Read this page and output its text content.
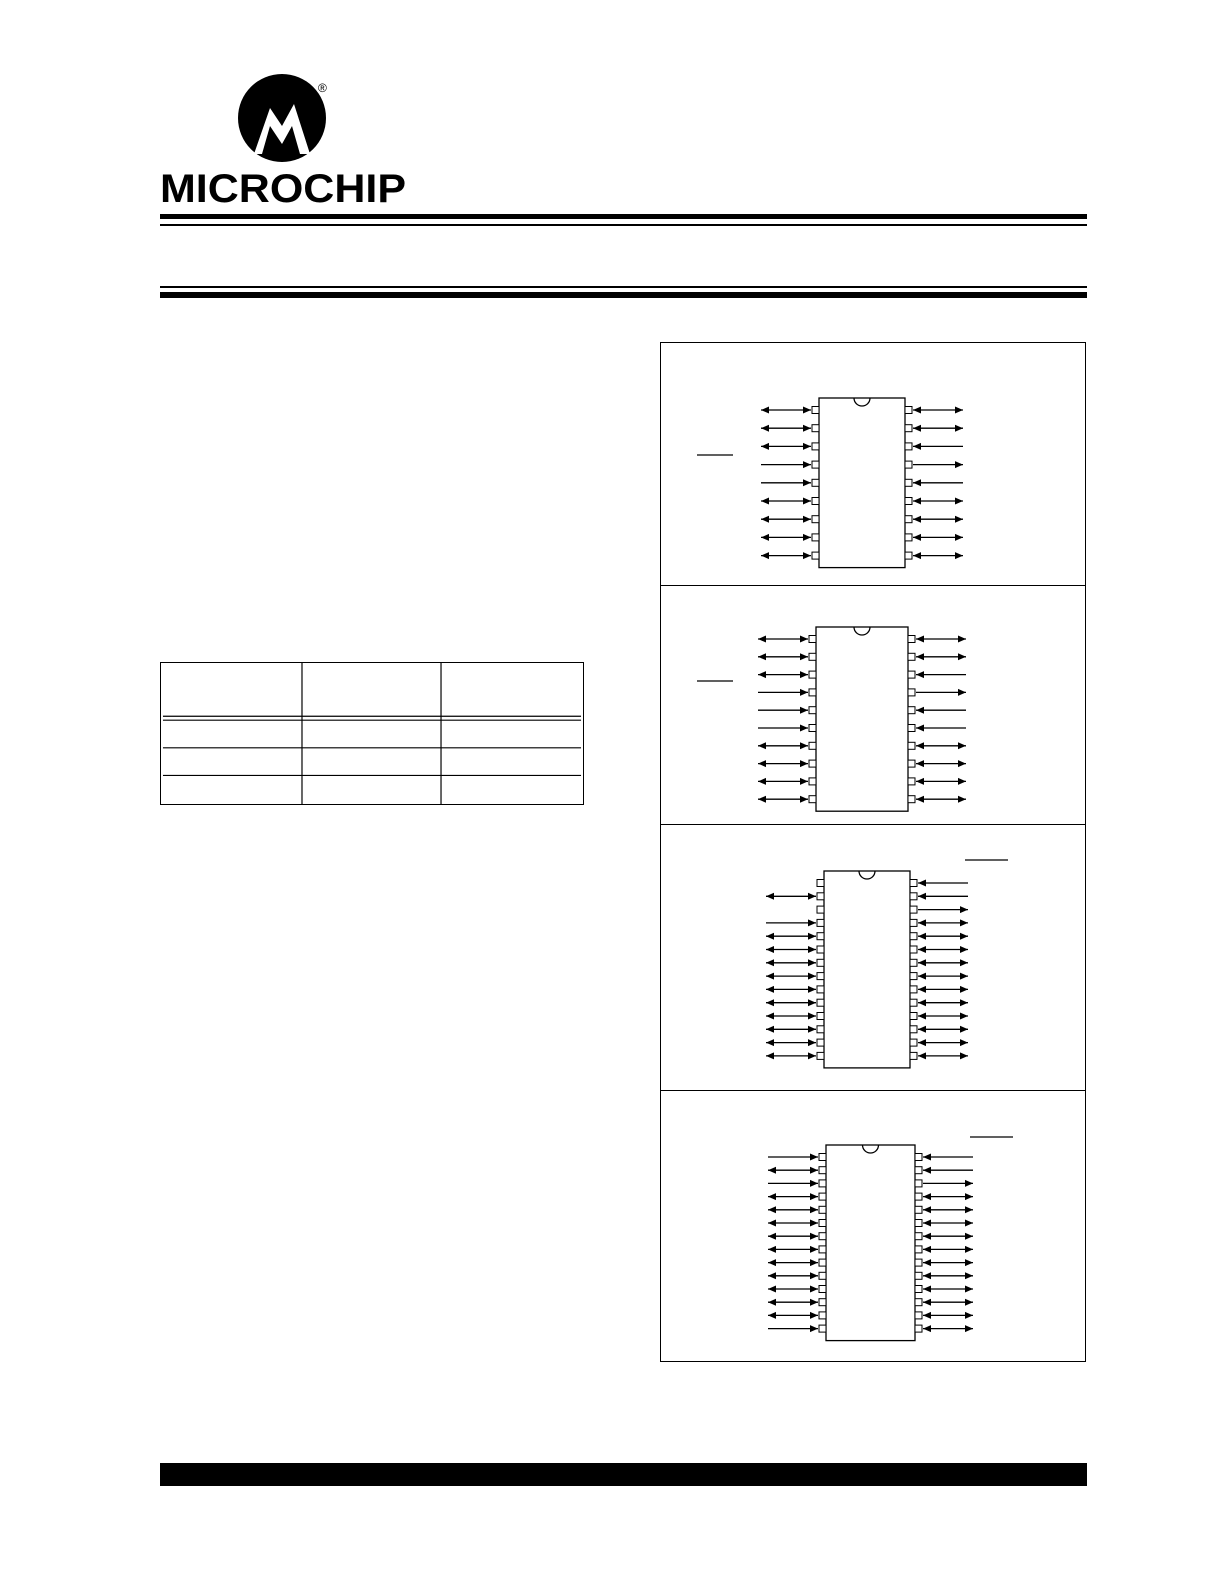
®
MICROCHIP
